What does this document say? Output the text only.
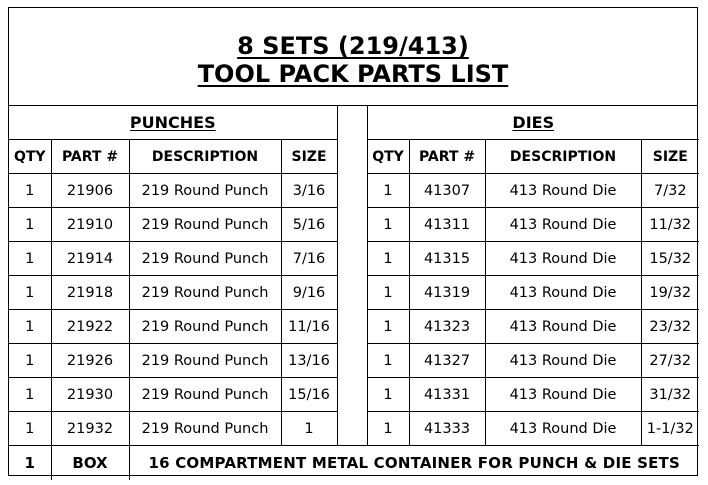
8 SETS (219/413)
TOOL PACK PARTS LIST
PUNCHES					DIES			
QTY	PART #	DESCRIPTION	SIZE		QTY	PART #	DESCRIPTION	SIZE
1	21906	219 Round Punch	3/16		1	41307	413 Round Die	7/32
1	21910	219 Round Punch	5/16		1	41311	413 Round Die	11/32
1	21914	219 Round Punch	7/16		1	41315	413 Round Die	15/32
1	21918	219 Round Punch	9/16		1	41319	413 Round Die	19/32
1	21922	219 Round Punch	11/16		1	41323	413 Round Die	23/32
1	21926	219 Round Punch	13/16		1	41327	413 Round Die	27/32
1	21930	219 Round Punch	15/16		1	41331	413 Round Die	31/32
1	21932	219 Round Punch	1		1	41333	413 Round Die	1-1/32
1	BOX	16 COMPARTMENT METAL CONTAINER FOR PUNCH & DIE SETS						
